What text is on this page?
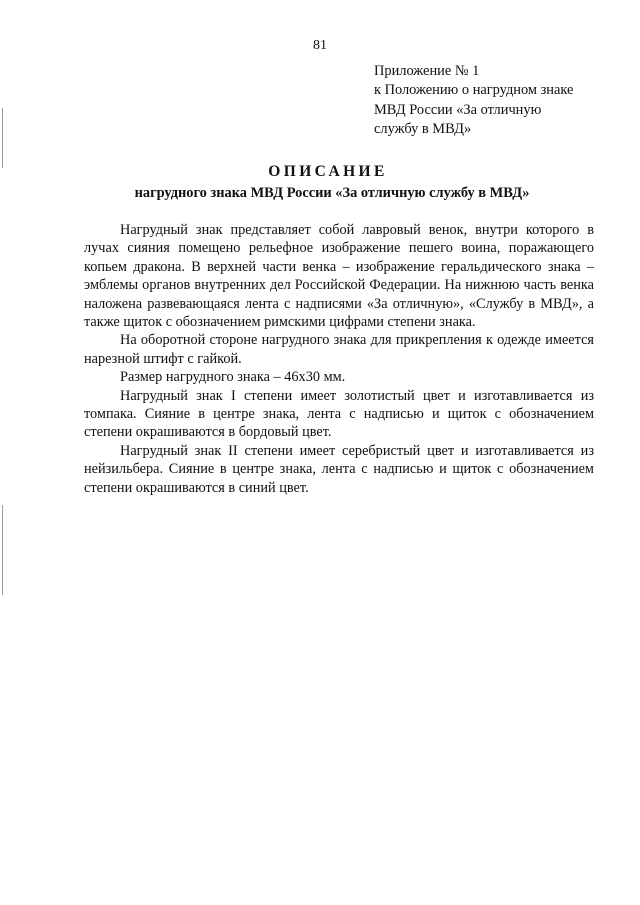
81
Приложение № 1
к Положению о нагрудном знаке
МВД России «За отличную
службу в МВД»
ОПИСАНИЕ
нагрудного знака МВД России «За отличную службу в МВД»

Нагрудный знак представляет собой лавровый венок, внутри которого в лучах сияния помещено рельефное изображение пешего воина, поражающего копьем дракона. В верхней части венка – изображение геральдического знака – эмблемы органов внутренних дел Российской Федерации. На нижнюю часть венка наложена развевающаяся лента с надписями «За отличную», «Службу в МВД», а также щиток с обозначением римскими цифрами степени знака.

На оборотной стороне нагрудного знака для прикрепления к одежде имеется нарезной штифт с гайкой.

Размер нагрудного знака – 46х30 мм.

Нагрудный знак I степени имеет золотистый цвет и изготавливается из томпака. Сияние в центре знака, лента с надписью и щиток с обозначением степени окрашиваются в бордовый цвет.

Нагрудный знак II степени имеет серебристый цвет и изготавливается из нейзильбера. Сияние в центре знака, лента с надписью и щиток с обозначением степени окрашиваются в синий цвет.
